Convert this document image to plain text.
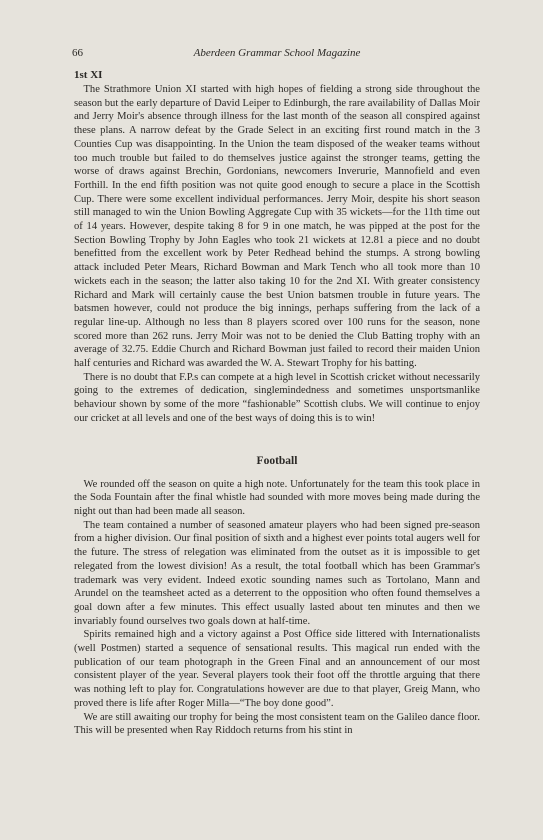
66	Aberdeen Grammar School Magazine
1st XI

The Strathmore Union XI started with high hopes of fielding a strong side throughout the season but the early departure of David Leiper to Edinburgh, the rare availability of Dallas Moir and Jerry Moir's absence through illness for the last month of the season all conspired against these plans. A narrow defeat by the Grade Select in an exciting first round match in the 3 Counties Cup was disappointing. In the Union the team disposed of the weaker teams without too much trouble but failed to do themselves justice against the stronger teams, getting the worse of draws against Brechin, Gordonians, newcomers Inverurie, Mannofield and even Forthill. In the end fifth position was not quite good enough to secure a place in the Scottish Cup. There were some excellent individual performances. Jerry Moir, despite his short season still managed to win the Union Bowling Aggregate Cup with 35 wickets—for the 11th time out of 14 years. However, despite taking 8 for 9 in one match, he was pipped at the post for the Section Bowling Trophy by John Eagles who took 21 wickets at 12.81 a piece and no doubt benefitted from the excellent work by Peter Redhead behind the stumps. A strong bowling attack included Peter Mears, Richard Bowman and Mark Tench who all took more than 10 wickets each in the season; the latter also taking 10 for the 2nd XI. With greater consistency Richard and Mark will certainly cause the best Union batsmen trouble in future years. The batsmen however, could not produce the big innings, perhaps suffering from the lack of a regular line-up. Although no less than 8 players scored over 100 runs for the season, none scored more than 262 runs. Jerry Moir was not to be denied the Club Batting trophy with an average of 32.75. Eddie Church and Richard Bowman just failed to record their maiden Union half centuries and Richard was awarded the W. A. Stewart Trophy for his batting.

There is no doubt that F.P.s can compete at a high level in Scottish cricket without necessarily going to the extremes of dedication, singlemindedness and sometimes unsportsmanlike behaviour shown by some of the more “fashionable” Scottish clubs. We will continue to enjoy our cricket at all levels and one of the best ways of doing this is to win!

Football

We rounded off the season on quite a high note. Unfortunately for the team this took place in the Soda Fountain after the final whistle had sounded with more moves being made during the night out than had been made all season.

The team contained a number of seasoned amateur players who had been signed pre-season from a higher division. Our final position of sixth and a highest ever points total augers well for the future. The stress of relegation was eliminated from the outset as it is impossible to get relegated from the lowest division! As a result, the total football which has been Grammar's trademark was very evident. Indeed exotic sounding names such as Tortolano, Mann and Arundel on the teamsheet acted as a deterrent to the opposition who often found themselves a goal down after a few minutes. This effect usually lasted about ten minutes and then we invariably found ourselves two goals down at half-time.

Spirits remained high and a victory against a Post Office side littered with Internationalists (well Postmen) started a sequence of sensational results. This magical run ended with the publication of our team photograph in the Green Final and an announcement of our most consistent player of the year. Several players took their foot off the throttle arguing that there was nothing left to play for. Congratulations however are due to that player, Greig Mann, who proved there is life after Roger Milla—“The boy done good”.

We are still awaiting our trophy for being the most consistent team on the Galileo dance floor. This will be presented when Ray Riddoch returns from his stint in
